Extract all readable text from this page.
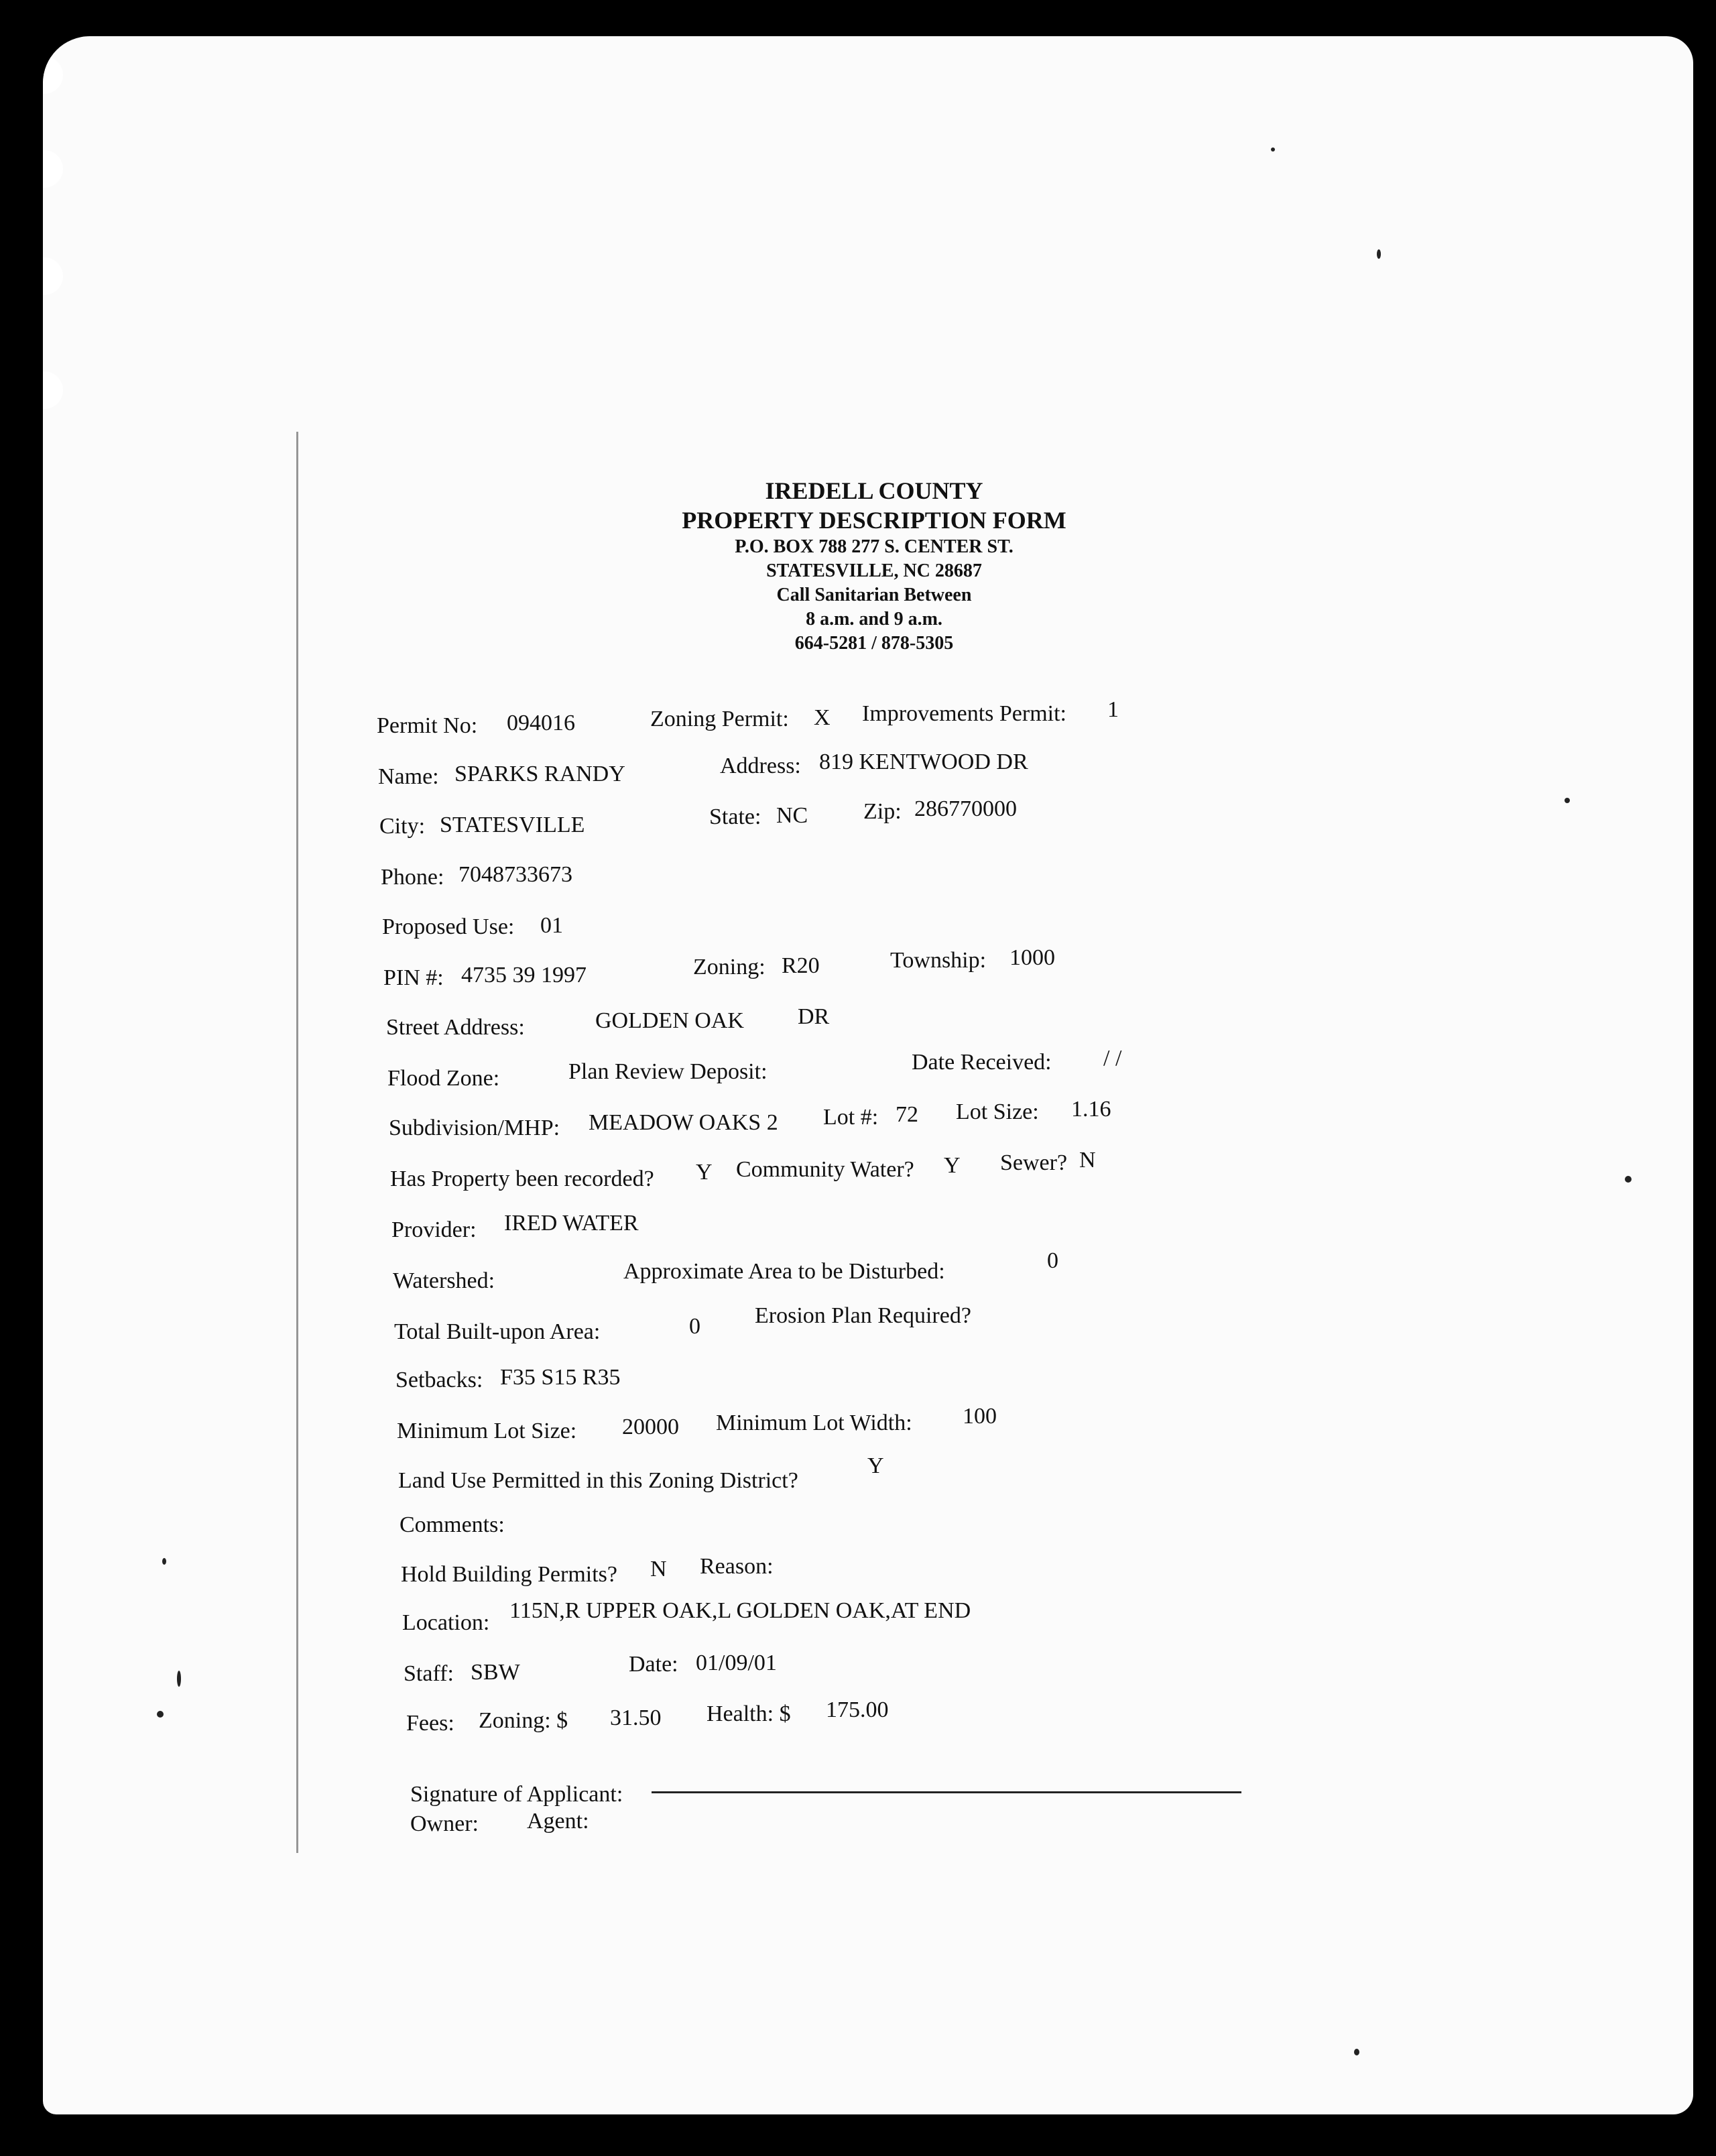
IREDELL COUNTY
PROPERTY DESCRIPTION FORM
P.O. BOX 788 277 S. CENTER ST.
STATESVILLE, NC 28687
Call Sanitarian Between
8 a.m. and 9 a.m.
664-5281 / 878-5305
Permit No: 094016	Zoning Permit: X Improvements Permit: 1
Name: SPARKS RANDY	Address: 819 KENTWOOD DR
City: STATESVILLE	State: NC Zip: 286770000
Phone: 7048733673
Proposed Use: 01
PIN #: 4735 39 1997	Zoning: R20	Township: 1000
Street Address:	GOLDEN OAK DR
Flood Zone:	Plan Review Deposit:	Date Received: / /
Subdivision/MHP: MEADOW OAKS 2 Lot #: 72 Lot Size: 1.16
Has Property been recorded? Y Community Water? Y Sewer? N
Provider: IRED WATER
Watershed:	Approximate Area to be Disturbed:	0
Total Built-upon Area:	0 Erosion Plan Required?
Setbacks: F35 S15 R35
Minimum Lot Size: 20000 Minimum Lot Width: 100
Land Use Permitted in this Zoning District?
Y
Comments:
Hold Building Permits? N Reason:
Location: 115N,R UPPER OAK,L GOLDEN OAK,AT END
Staff: SBW	Date: 01/09/01
Fees: Zoning: $ 31.50 Health: $ 175.00
Signature of Applicant:
Owner: Agent:
